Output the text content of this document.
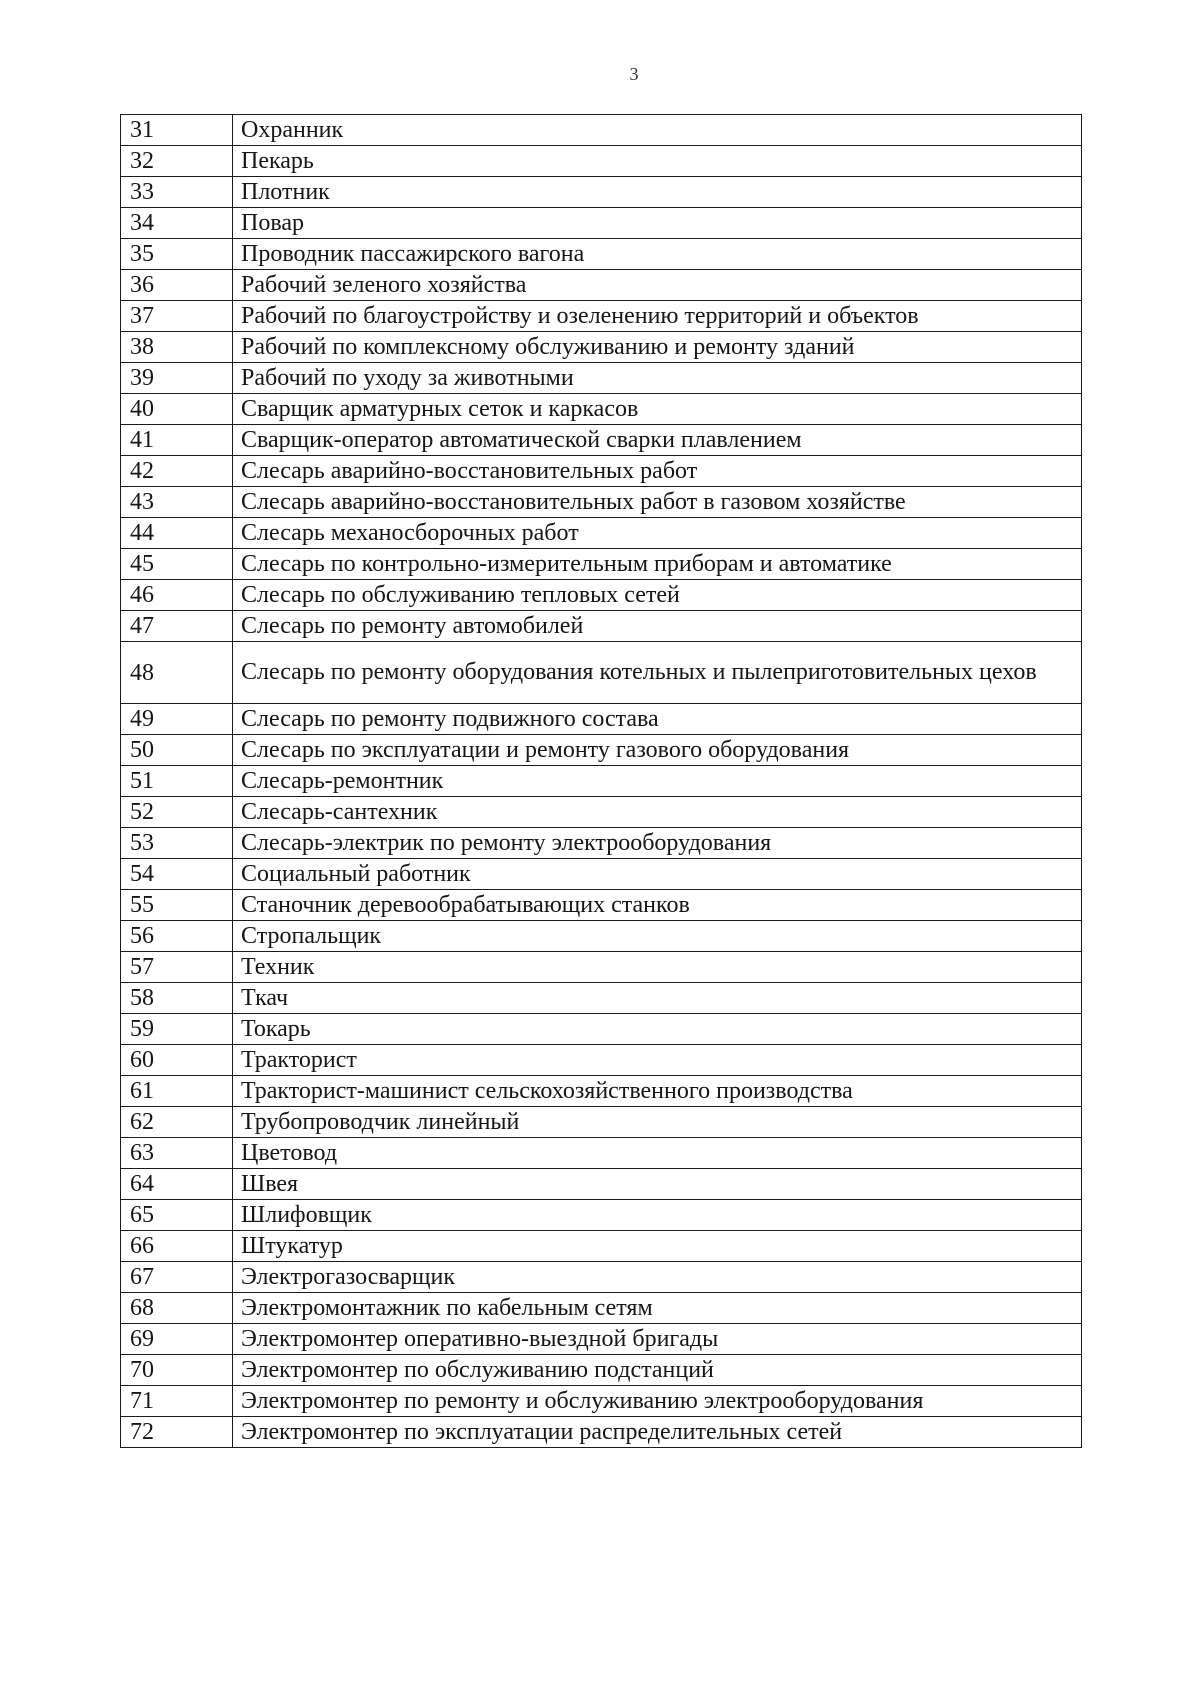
3
31	Охранник
32	Пекарь
33	Плотник
34	Повар
35	Проводник пассажирского вагона
36	Рабочий зеленого хозяйства
37	Рабочий по благоустройству и озеленению территорий и объектов
38	Рабочий по комплексному обслуживанию и ремонту зданий
39	Рабочий по уходу за животными
40	Сварщик арматурных сеток и каркасов
41	Сварщик-оператор автоматической сварки плавлением
42	Слесарь аварийно-восстановительных работ
43	Слесарь аварийно-восстановительных работ в газовом хозяйстве
44	Слесарь механосборочных работ
45	Слесарь по контрольно-измерительным приборам и автоматике
46	Слесарь по обслуживанию тепловых сетей
47	Слесарь по ремонту автомобилей
48	Слесарь по ремонту оборудования котельных и пылеприготовительных цехов
49	Слесарь по ремонту подвижного состава
50	Слесарь по эксплуатации и ремонту газового оборудования
51	Слесарь-ремонтник
52	Слесарь-сантехник
53	Слесарь-электрик по ремонту электрооборудования
54	Социальный работник
55	Станочник деревообрабатывающих станков
56	Стропальщик
57	Техник
58	Ткач
59	Токарь
60	Тракторист
61	Тракторист-машинист сельскохозяйственного производства
62	Трубопроводчик линейный
63	Цветовод
64	Швея
65	Шлифовщик
66	Штукатур
67	Электрогазосварщик
68	Электромонтажник по кабельным сетям
69	Электромонтер оперативно-выездной бригады
70	Электромонтер по обслуживанию подстанций
71	Электромонтер по ремонту и обслуживанию электрооборудования
72	Электромонтер по эксплуатации распределительных сетей
